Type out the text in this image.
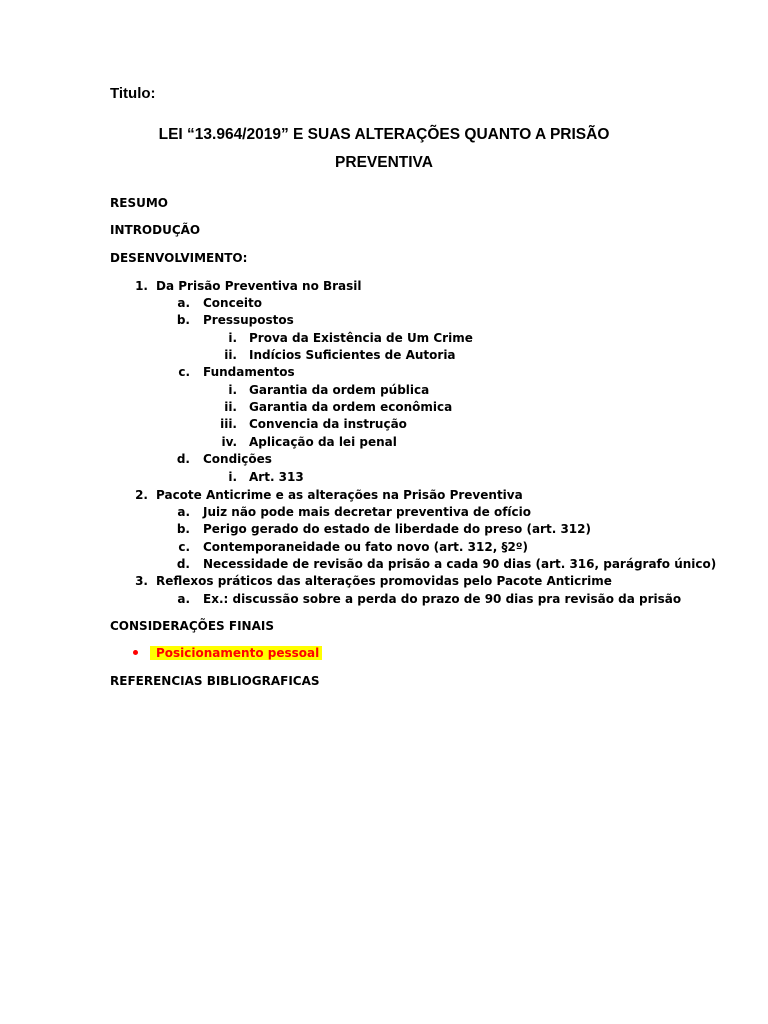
Titulo:
LEI “13.964/2019” E SUAS ALTERAÇÕES QUANTO A PRISÃO
PREVENTIVA
RESUMO
INTRODUÇÃO
DESENVOLVIMENTO:
1. Da Prisão Preventiva no Brasil
a. Conceito
b. Pressupostos
i. Prova da Existência de Um Crime
ii. Indícios Suficientes de Autoria
c. Fundamentos
i. Garantia da ordem pública
ii. Garantia da ordem econômica
iii. Convencia da instrução
iv. Aplicação da lei penal
d. Condições
i. Art. 313
2. Pacote Anticrime e as alterações na Prisão Preventiva
a. Juiz não pode mais decretar preventiva de ofício
b. Perigo gerado do estado de liberdade do preso (art. 312)
c. Contemporaneidade ou fato novo (art. 312, §2º)
d. Necessidade de revisão da prisão a cada 90 dias (art. 316, parágrafo único)
3. Reflexos práticos das alterações promovidas pelo Pacote Anticrime
a. Ex.: discussão sobre a perda do prazo de 90 dias pra revisão da prisão
CONSIDERAÇÕES FINAIS
Posicionamento pessoal
REFERENCIAS BIBLIOGRAFICAS
